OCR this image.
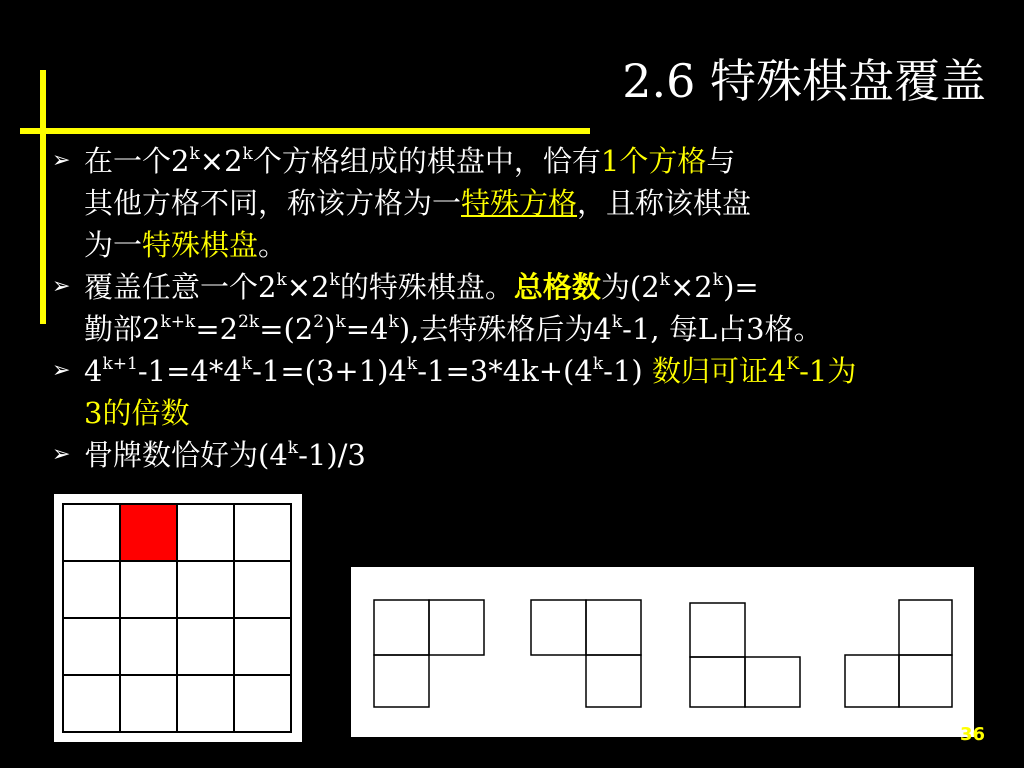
2.6 特殊棋盘覆盖
➢ 在一个$2^k\times 2^k$个方格组成的棋盘中，恰有1个方格与
其他方格不同，称该方格为一特殊方格，且称该棋盘
为一特殊棋盘。
➢ 覆盖任意一个$2^k\times 2^k$的特殊棋盘。总格数为$(2^k\times 2^k)=$
勤部$2^{k+k}=2^{2k}=(2^2)^k=4^k$),去特殊格后为4$^k$-1, 每L占3格。
➢ $4^{k+1}-1=4*4^k-1=(3+1)4^k-1=3*4k+(4^k-1)$ 数归可证$4^K-1$为
3的倍数
➢ 骨牌数恰好为(4$^k$-1)/3
36
